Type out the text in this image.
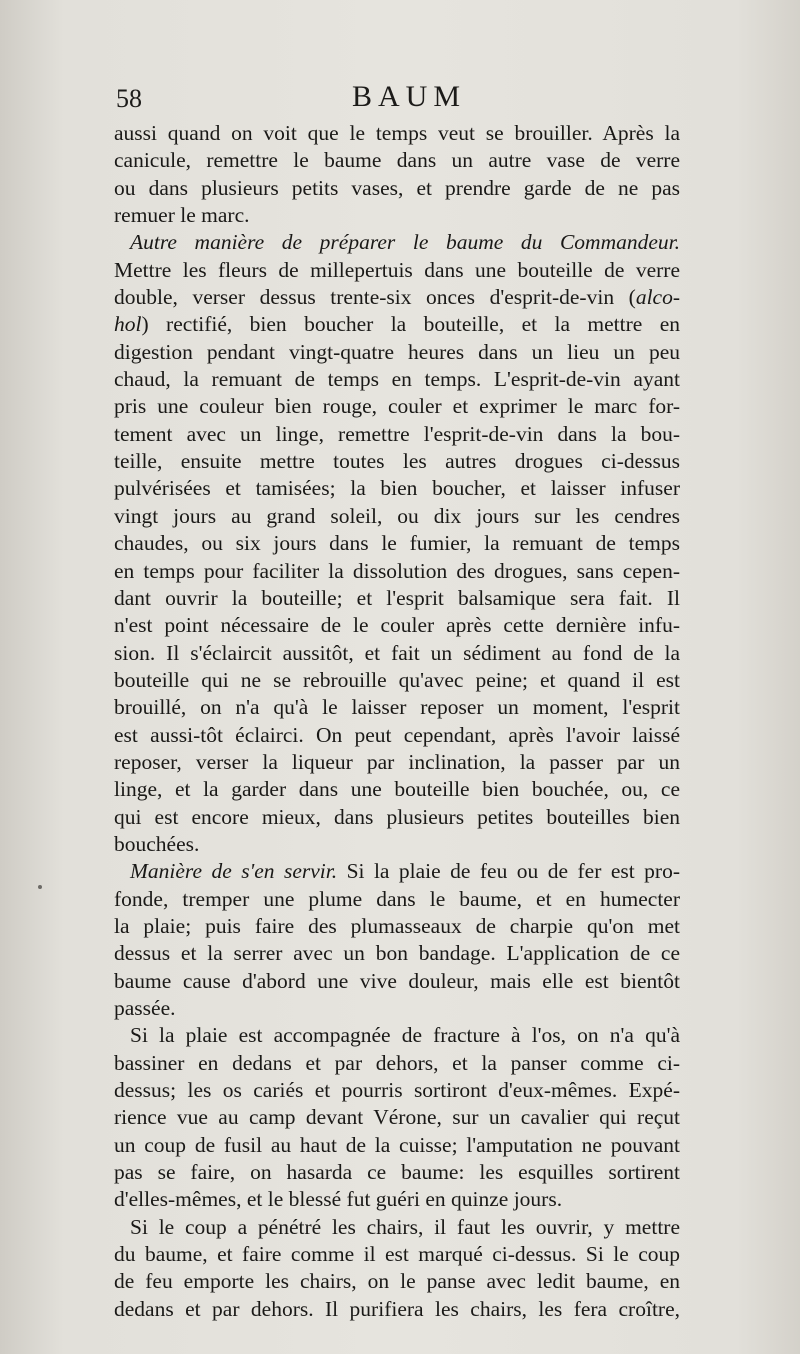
58	BAUM
aussi quand on voit que le temps veut se brouiller. Après la
canicule, remettre le baume dans un autre vase de verre
ou dans plusieurs petits vases, et prendre garde de ne pas
remuer le marc.
Autre manière de préparer le baume du Commandeur.
Mettre les fleurs de millepertuis dans une bouteille de verre
double, verser dessus trente-six onces d'esprit-de-vin (alco-
hol) rectifié, bien boucher la bouteille, et la mettre en
digestion pendant vingt-quatre heures dans un lieu un peu
chaud, la remuant de temps en temps. L'esprit-de-vin ayant
pris une couleur bien rouge, couler et exprimer le marc for-
tement avec un linge, remettre l'esprit-de-vin dans la bou-
teille, ensuite mettre toutes les autres drogues ci-dessus
pulvérisées et tamisées; la bien boucher, et laisser infuser
vingt jours au grand soleil, ou dix jours sur les cendres
chaudes, ou six jours dans le fumier, la remuant de temps
en temps pour faciliter la dissolution des drogues, sans cepen-
dant ouvrir la bouteille; et l'esprit balsamique sera fait. Il
n'est point nécessaire de le couler après cette dernière infu-
sion. Il s'éclaircit aussitôt, et fait un sédiment au fond de la
bouteille qui ne se rebrouille qu'avec peine; et quand il est
brouillé, on n'a qu'à le laisser reposer un moment, l'esprit
est aussi-tôt éclairci. On peut cependant, après l'avoir laissé
reposer, verser la liqueur par inclination, la passer par un
linge, et la garder dans une bouteille bien bouchée, ou, ce
qui est encore mieux, dans plusieurs petites bouteilles bien
bouchées.
Manière de s'en servir. Si la plaie de feu ou de fer est pro-
fonde, tremper une plume dans le baume, et en humecter
la plaie; puis faire des plumasseaux de charpie qu'on met
dessus et la serrer avec un bon bandage. L'application de ce
baume cause d'abord une vive douleur, mais elle est bientôt
passée.
Si la plaie est accompagnée de fracture à l'os, on n'a qu'à
bassiner en dedans et par dehors, et la panser comme ci-
dessus; les os cariés et pourris sortiront d'eux-mêmes. Expé-
rience vue au camp devant Vérone, sur un cavalier qui reçut
un coup de fusil au haut de la cuisse; l'amputation ne pouvant
pas se faire, on hasarda ce baume: les esquilles sortirent
d'elles-mêmes, et le blessé fut guéri en quinze jours.
Si le coup a pénétré les chairs, il faut les ouvrir, y mettre
du baume, et faire comme il est marqué ci-dessus. Si le coup
de feu emporte les chairs, on le panse avec ledit baume, en
dedans et par dehors. Il purifiera les chairs, les fera croître,
